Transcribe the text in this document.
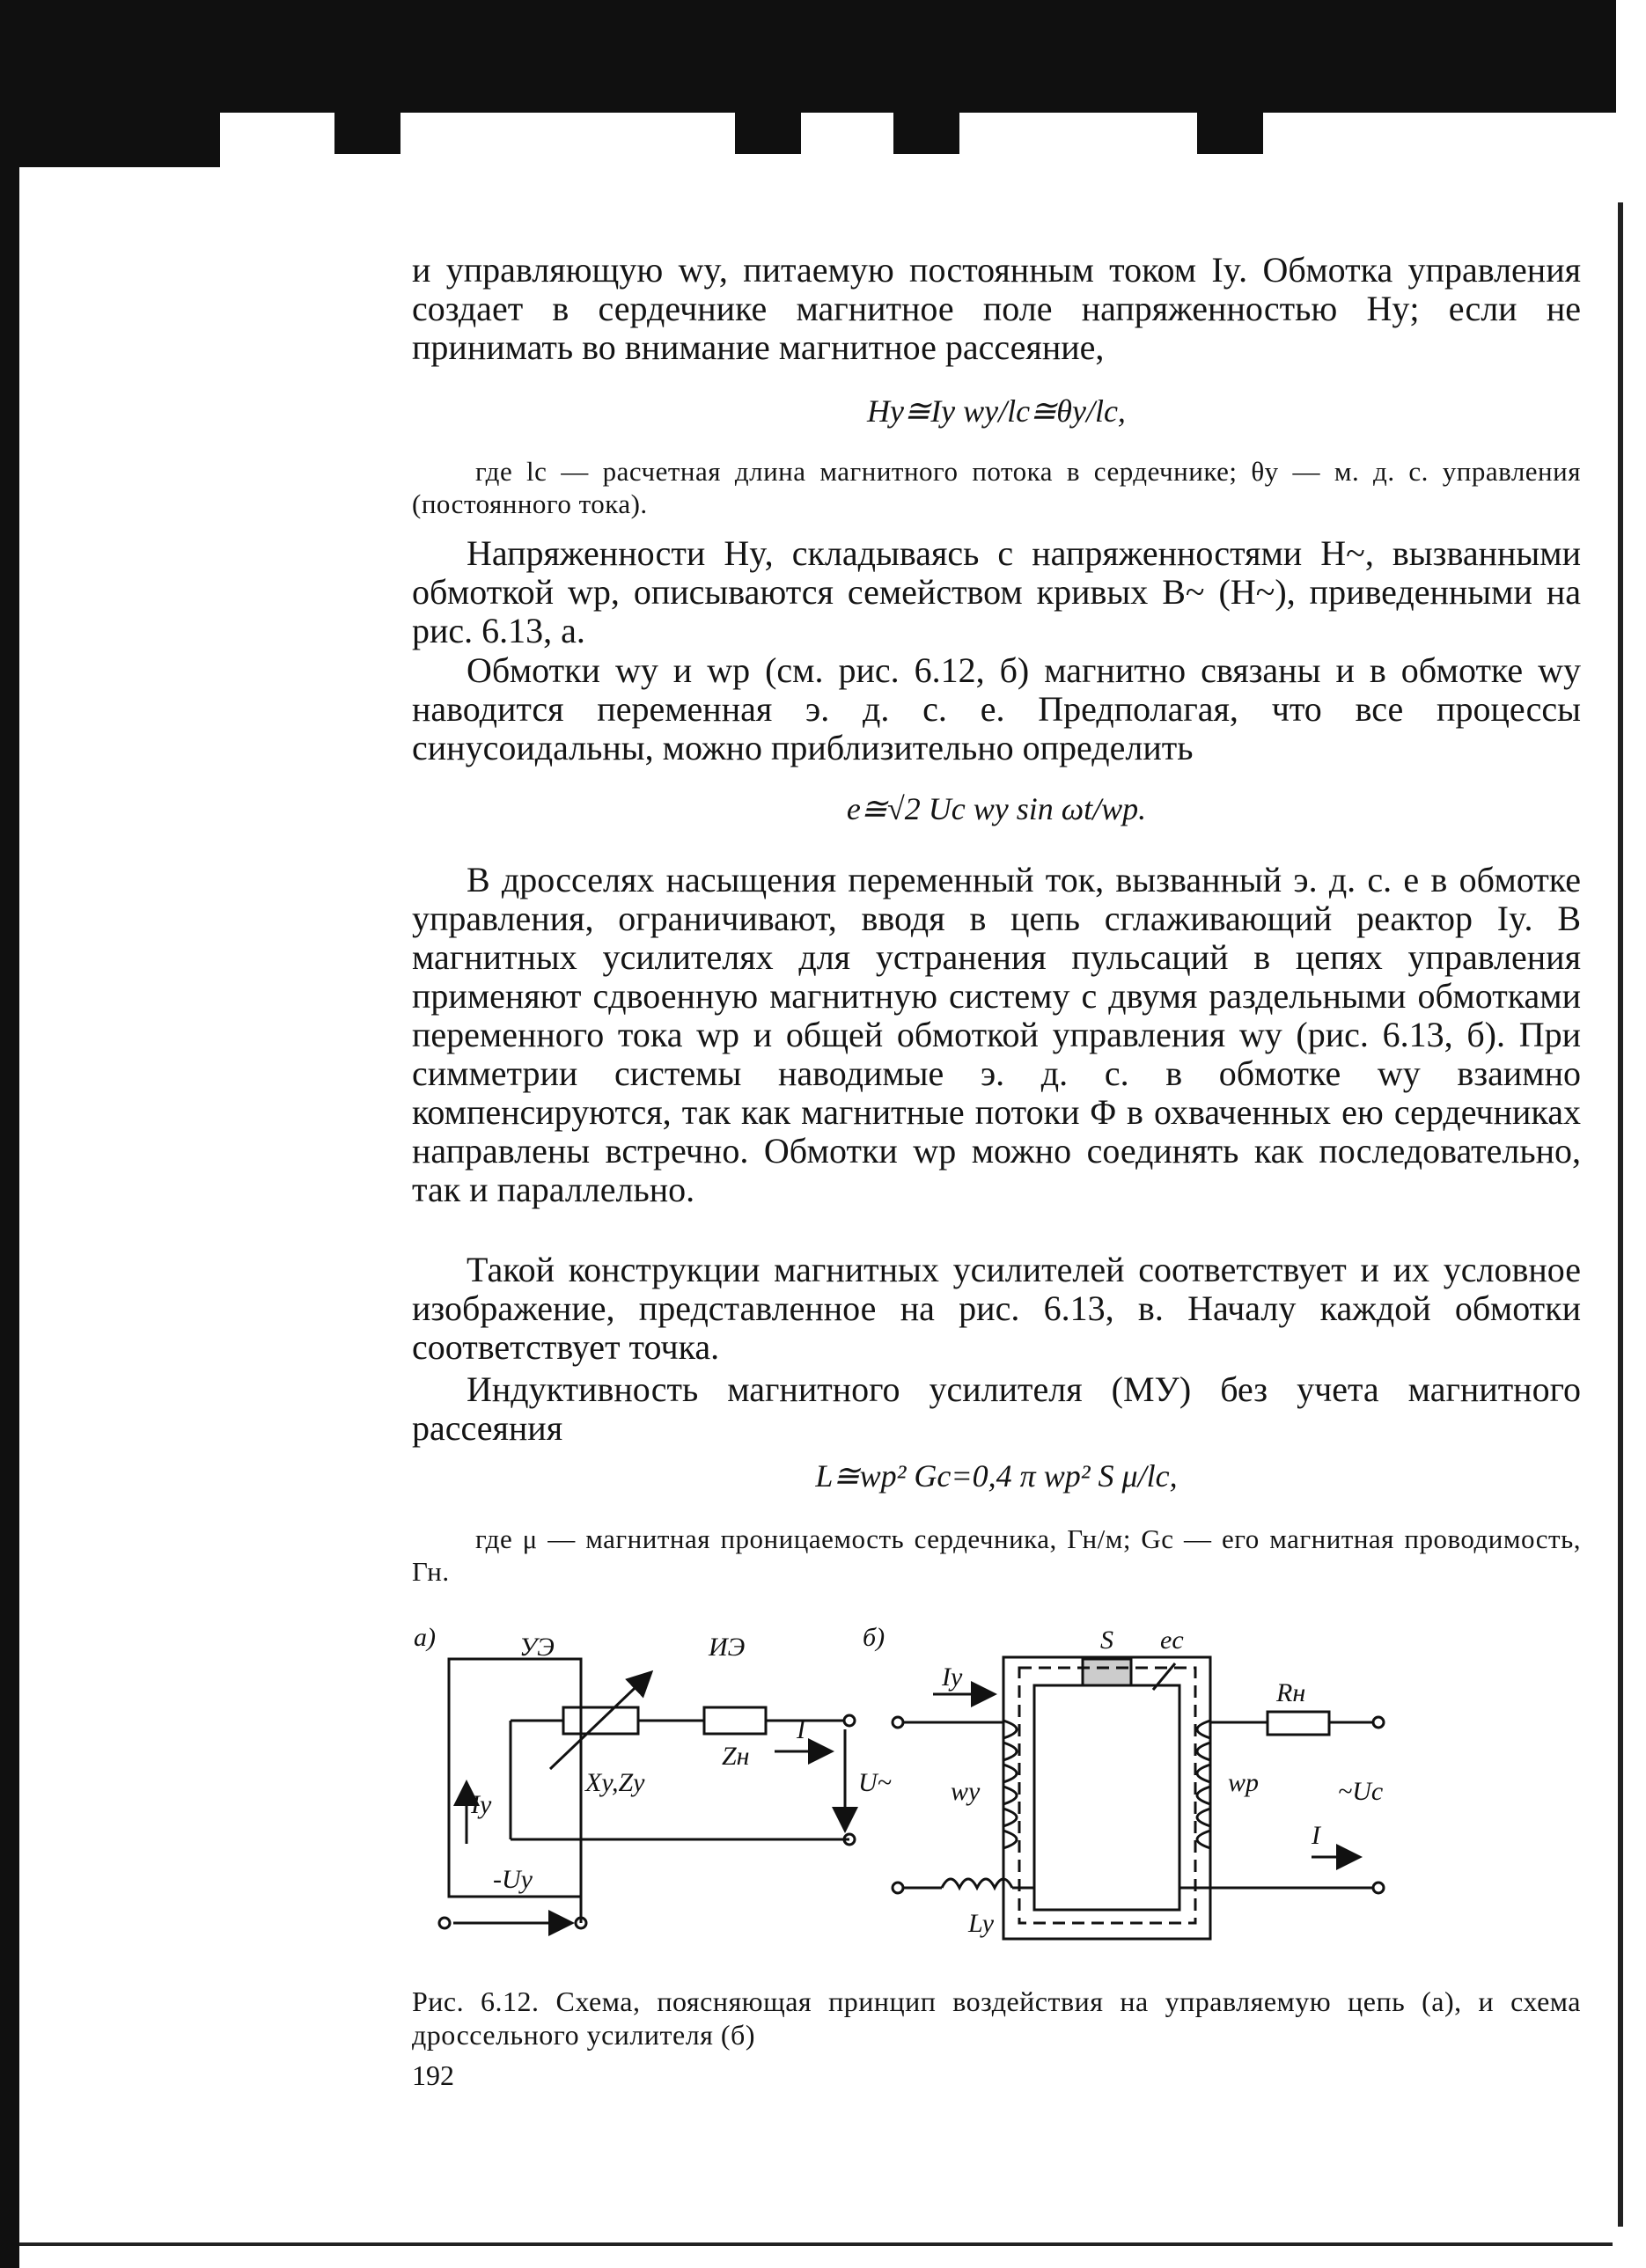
и управляющую wy, питаемую постоянным током Iy. Обмотка управления создает в сердечнике магнитное поле напряженностью Hy; если не принимать во внимание магнитное рассеяние,

Hy≅Iy wy/lc≅θy/lc,

где lc — расчетная длина магнитного потока в сердечнике; θy — м. д. с. управления (постоянного тока).

Напряженности Hy, складываясь с напряженностями H~, вызванными обмоткой wp, описываются семейством кривых B~ (H~), приведенными на рис. 6.13, а.

Обмотки wy и wp (см. рис. 6.12, б) магнитно связаны и в обмотке wy наводится переменная э. д. с. e. Предполагая, что все процессы синусоидальны, можно приблизительно определить

e≅√2 Uc wy sin ωt/wp.

В дросселях насыщения переменный ток, вызванный э. д. с. e в обмотке управления, ограничивают, вводя в цепь сглаживающий реактор Iy. В магнитных усилителях для устранения пульсаций в цепях управления применяют сдвоенную магнитную систему с двумя раздельными обмотками переменного тока wp и общей обмоткой управления wy (рис. 6.13, б). При симметрии системы наводимые э. д. с. в обмотке wy взаимно компенсируются, так как магнитные потоки Φ в охваченных ею сердечниках направлены встречно. Обмотки wp можно соединять как последовательно, так и параллельно.

Такой конструкции магнитных усилителей соответствует и их условное изображение, представленное на рис. 6.13, в. Началу каждой обмотки соответствует точка.

Индуктивность магнитного усилителя (МУ) без учета магнитного рассеяния

L≅wp² Gc=0,4 π wp² S μ/lc,

где μ — магнитная проницаемость сердечника, Гн/м; Gc — его магнитная проводимость, Гн.

а)	УЭ	ИЭ
I
Zн
Iy
Xy,Zy	U~
-Uy
б)	S ec
Iy
Rн
wy	wp	~Uc
I
Ly

Рис. 6.12. Схема, поясняющая принцип воздействия на управляемую цепь (а), и схема дроссельного усилителя (б)

192
